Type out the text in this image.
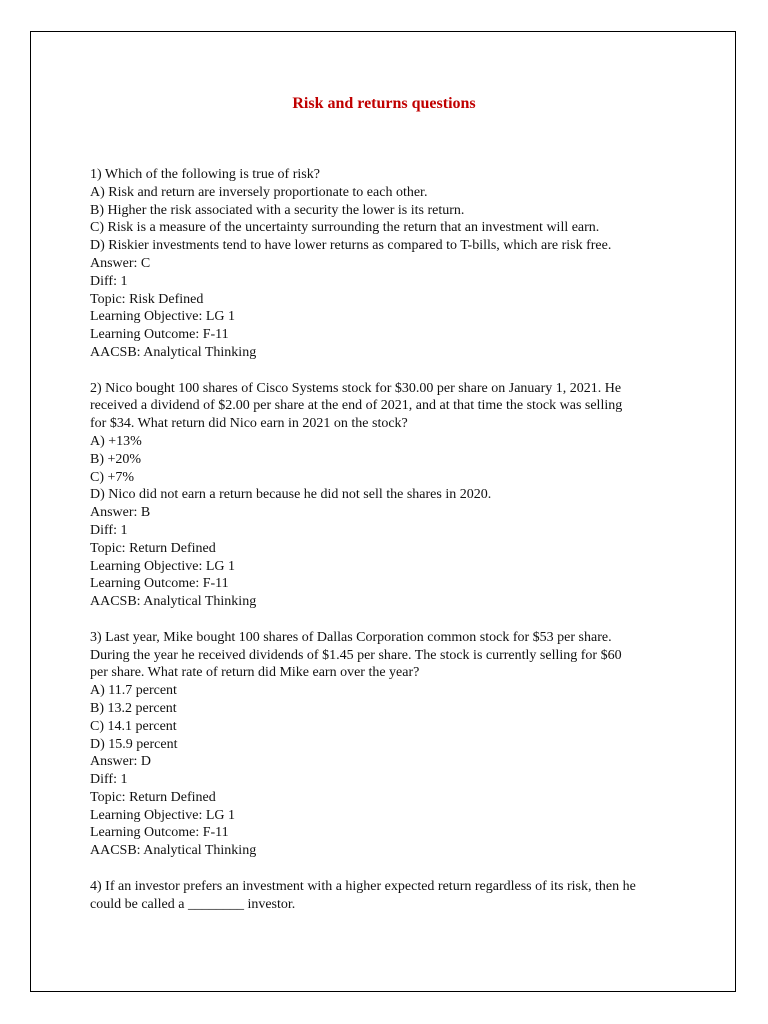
Risk and returns questions
1) Which of the following is true of risk?
A) Risk and return are inversely proportionate to each other.
B) Higher the risk associated with a security the lower is its return.
C) Risk is a measure of the uncertainty surrounding the return that an investment will earn.
D) Riskier investments tend to have lower returns as compared to T-bills, which are risk free.
Answer: C
Diff: 1
Topic: Risk Defined
Learning Objective: LG 1
Learning Outcome: F-11
AACSB: Analytical Thinking
2) Nico bought 100 shares of Cisco Systems stock for $30.00 per share on January 1, 2021. He
received a dividend of $2.00 per share at the end of 2021, and at that time the stock was selling
for $34. What return did Nico earn in 2021 on the stock?
A) +13%
B) +20%
C) +7%
D) Nico did not earn a return because he did not sell the shares in 2020.
Answer: B
Diff: 1
Topic: Return Defined
Learning Objective: LG 1
Learning Outcome: F-11
AACSB: Analytical Thinking
3) Last year, Mike bought 100 shares of Dallas Corporation common stock for $53 per share.
During the year he received dividends of $1.45 per share. The stock is currently selling for $60
per share. What rate of return did Mike earn over the year?
A) 11.7 percent
B) 13.2 percent
C) 14.1 percent
D) 15.9 percent
Answer: D
Diff: 1
Topic: Return Defined
Learning Objective: LG 1
Learning Outcome: F-11
AACSB: Analytical Thinking
4) If an investor prefers an investment with a higher expected return regardless of its risk, then he
could be called a ________ investor.
